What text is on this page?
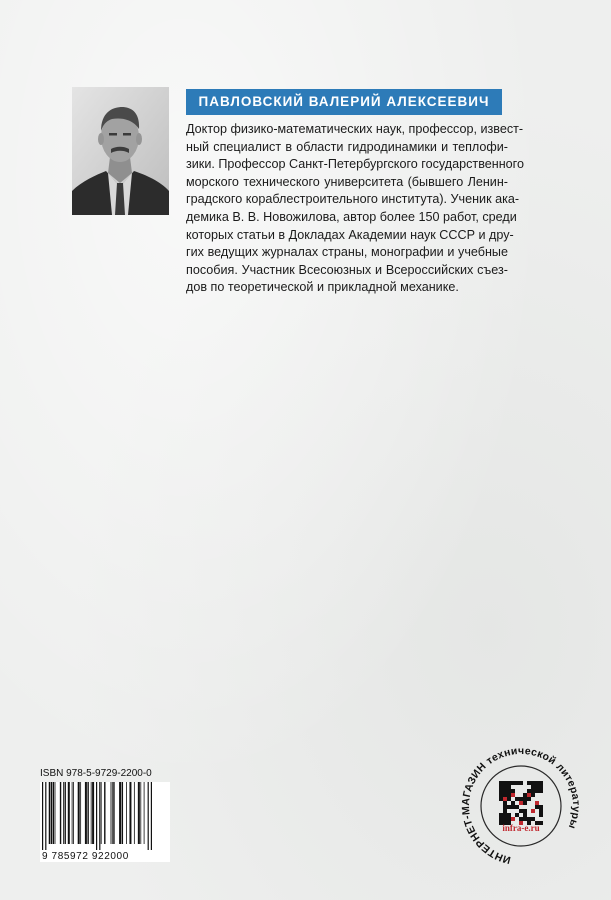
ПАВЛОВСКИЙ ВАЛЕРИЙ АЛЕКСЕЕВИЧ
Доктор физико-математических наук, профессор, извест-
ный специалист в области гидродинамики и теплофи-
зики. Профессор Санкт-Петербургского государственного
морского технического университета (бывшего Ленин-
градского кораблестроительного института). Ученик ака-
демика В. В. Новожилова, автор более 150 работ, среди
которых статьи в Докладах Академии наук СССР и дру-
гих ведущих журналах страны, монографии и учебные
пособия. Участник Всесоюзных и Всероссийских съез-
дов по теоретической и прикладной механике.
ISBN 978-5-9729-2200-0
9 785972 922000	ИНТЕРНЕТ-МАГАЗИН технической литературы
infra-e.ru
